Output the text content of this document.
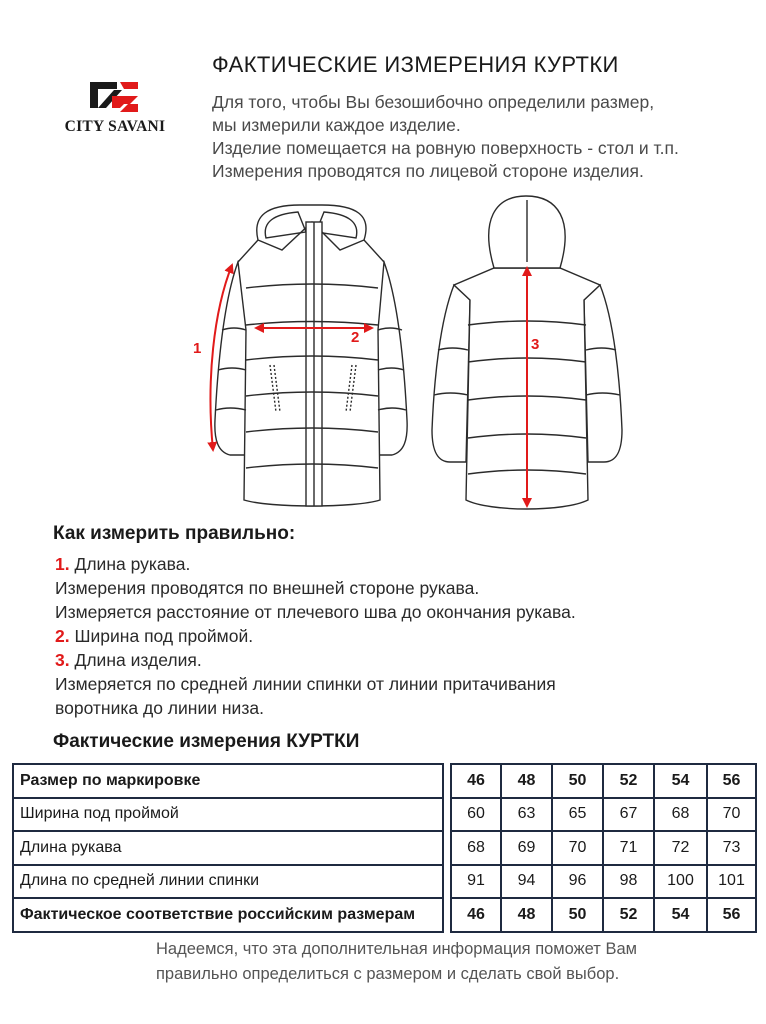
CITY SAVANI
ФАКТИЧЕСКИЕ ИЗМЕРЕНИЯ КУРТКИ
Для того, чтобы Вы безошибочно определили размер,
мы измерили каждое изделие.
Изделие помещается на ровную поверхность - стол и т.п.
Измерения проводятся по лицевой стороне изделия.
1
2	3
Как измерить правильно:
1. Длина рукава.
Измерения проводятся по внешней стороне рукава.
Измеряется расстояние от плечевого шва до окончания рукава.
2. Ширина под проймой.
3. Длина изделия.
Измеряется по средней линии спинки от линии притачивания
воротника до линии низа.
Фактические измерения КУРТКИ
Размер по маркировке		46	48	50	52	54	56
Ширина под проймой		60	63	65	67	68	70
Длина рукава		68	69	70	71	72	73
Длина по средней линии спинки		91	94	96	98	100	101
Фактическое соответствие российским размерам		46	48	50	52	54	56
Надеемся, что эта дополнительная информация поможет Вам
правильно определиться с размером и сделать свой выбор.
